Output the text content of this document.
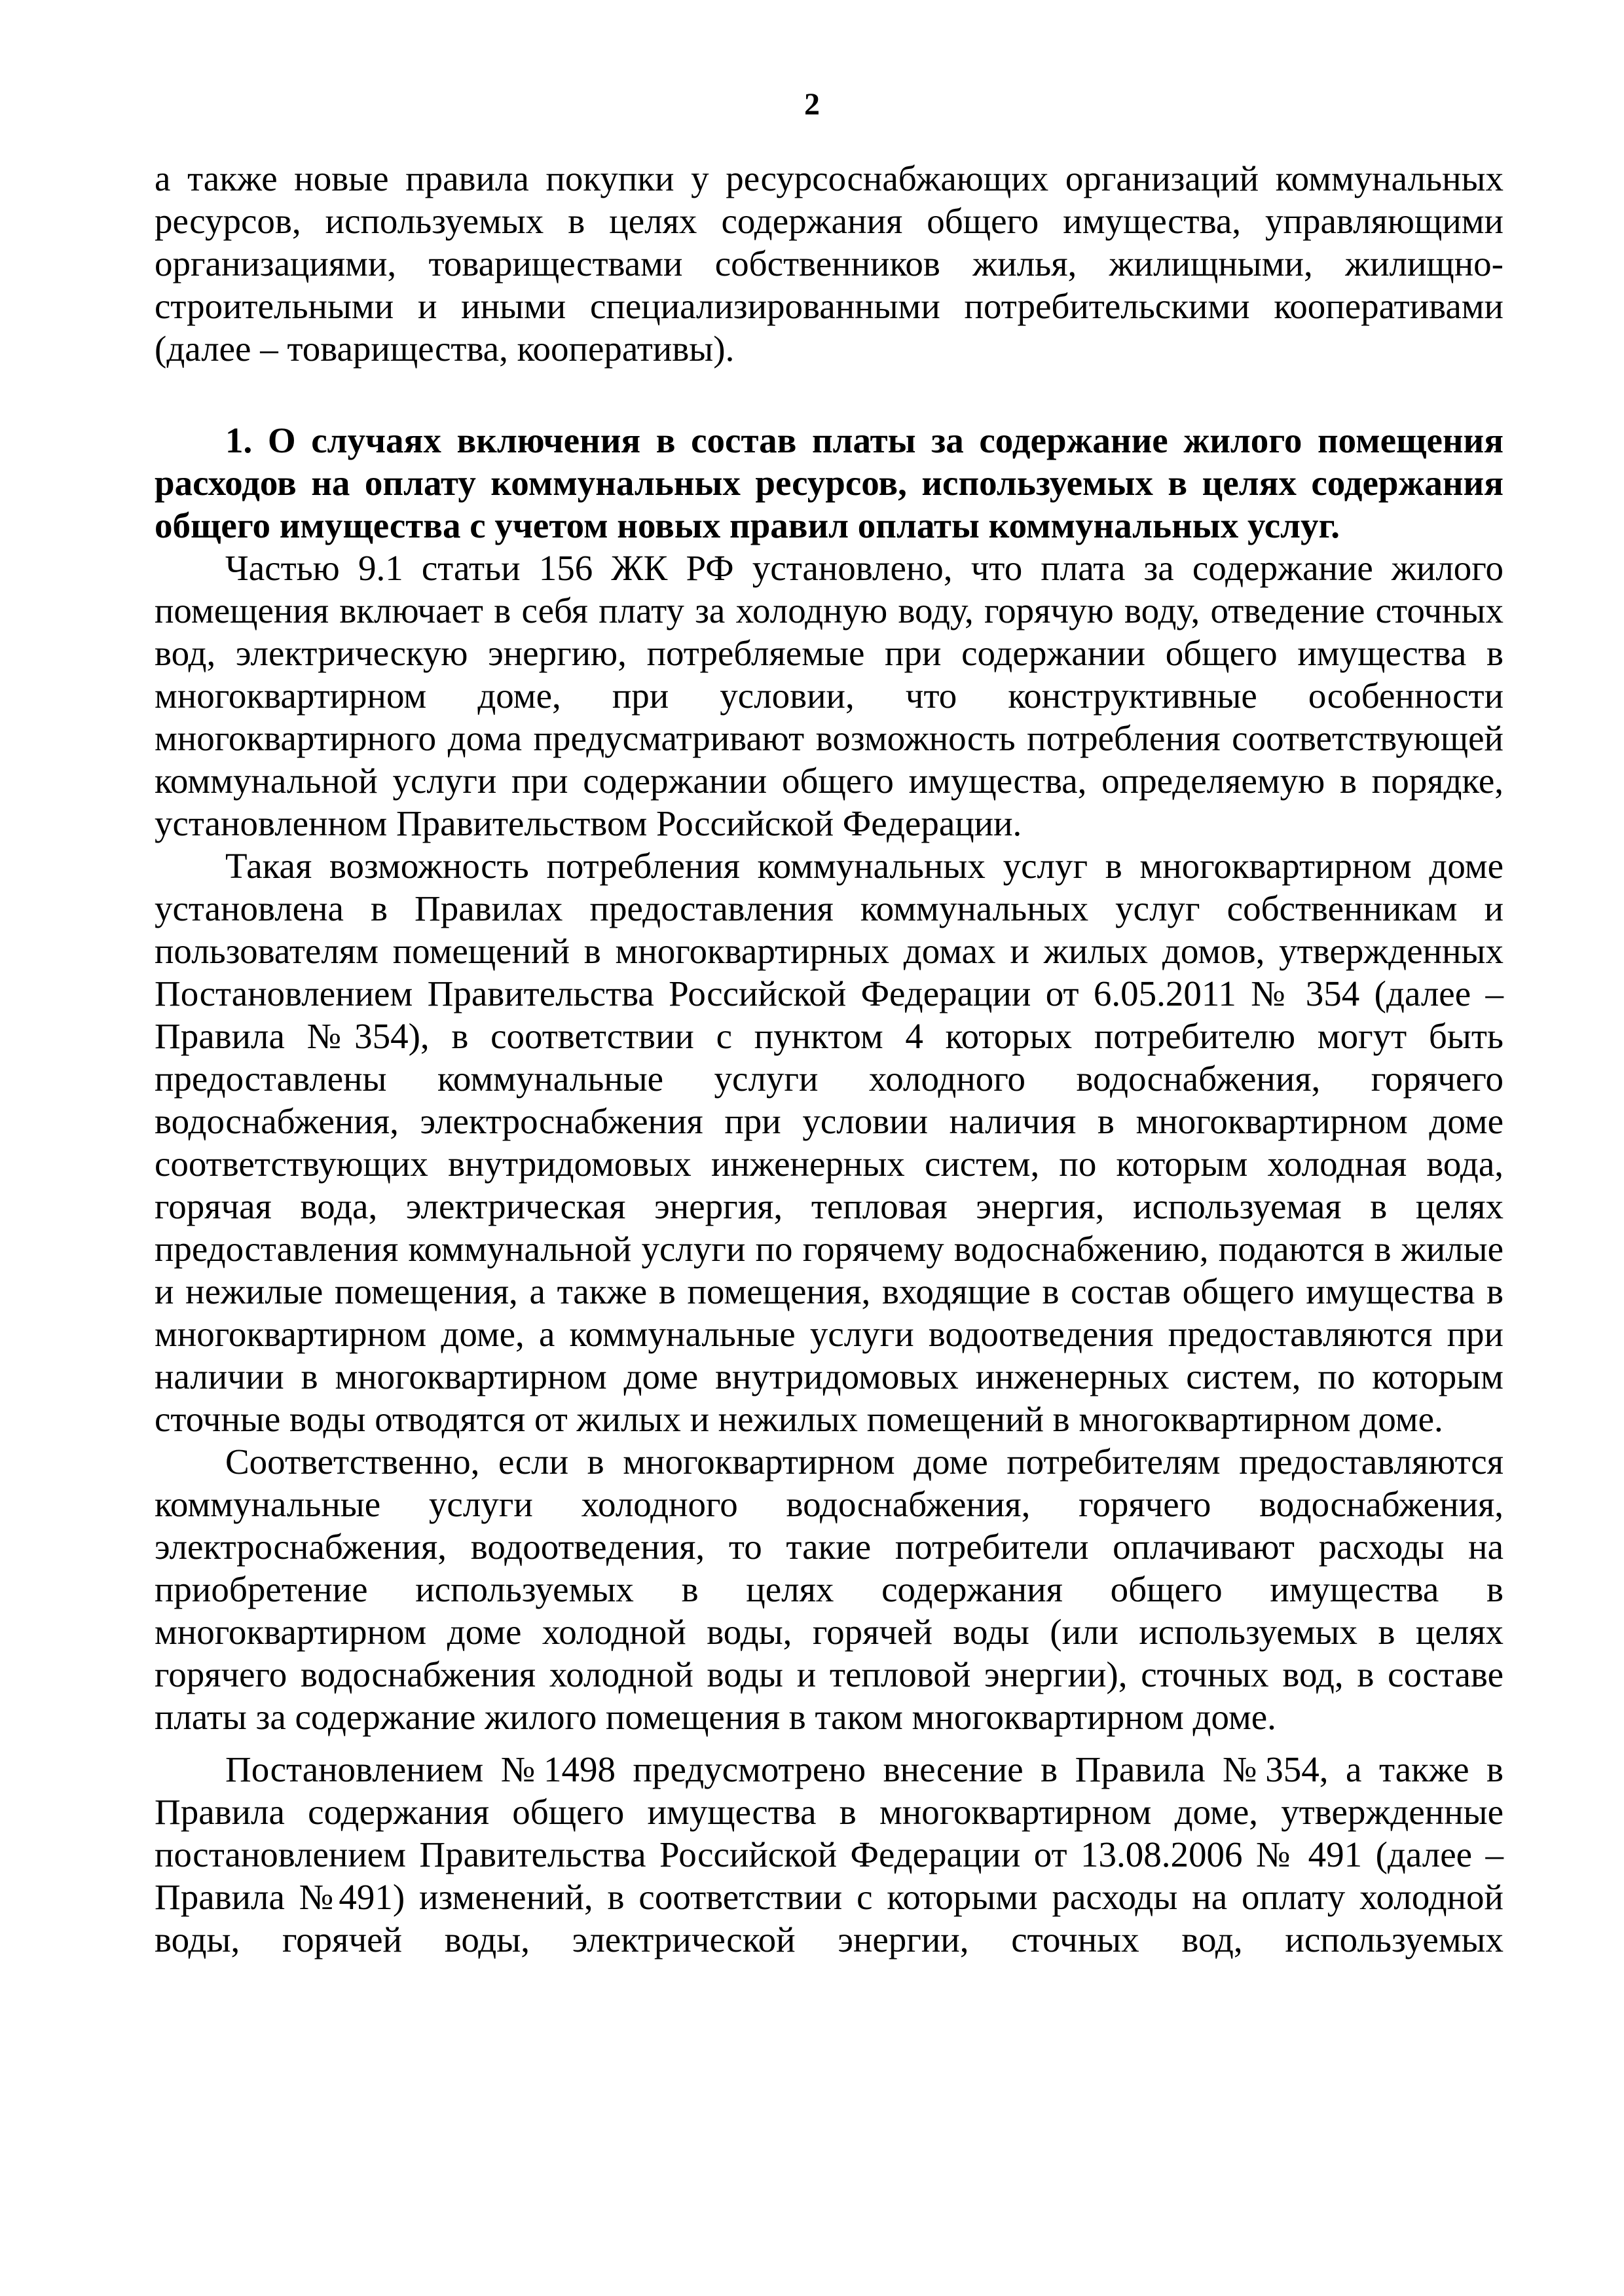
2

а также новые правила покупки у ресурсоснабжающих организаций коммунальных ресурсов, используемых в целях содержания общего имущества, управляющими организациями, товариществами собственников жилья, жилищными, жилищно-строительными и иными специализированными потребительскими кооперативами (далее – товарищества, кооперативы).

1. О случаях включения в состав платы за содержание жилого помещения расходов на оплату коммунальных ресурсов, используемых в целях содержания общего имущества с учетом новых правил оплаты коммунальных услуг.

Частью 9.1 статьи 156 ЖК РФ установлено, что плата за содержание жилого помещения включает в себя плату за холодную воду, горячую воду, отведение сточных вод, электрическую энергию, потребляемые при содержании общего имущества в многоквартирном доме, при условии, что конструктивные особенности многоквартирного дома предусматривают возможность потребления соответствующей коммунальной услуги при содержании общего имущества, определяемую в порядке, установленном Правительством Российской Федерации.

Такая возможность потребления коммунальных услуг в многоквартирном доме установлена в Правилах предоставления коммунальных услуг собственникам и пользователям помещений в многоквартирных домах и жилых домов, утвержденных Постановлением Правительства Российской Федерации от 6.05.2011 № 354 (далее – Правила №354), в соответствии с пунктом 4 которых потребителю могут быть предоставлены коммунальные услуги холодного водоснабжения, горячего водоснабжения, электроснабжения при условии наличия в многоквартирном доме соответствующих внутридомовых инженерных систем, по которым холодная вода, горячая вода, электрическая энергия, тепловая энергия, используемая в целях предоставления коммунальной услуги по горячему водоснабжению, подаются в жилые и нежилые помещения, а также в помещения, входящие в состав общего имущества в многоквартирном доме, а коммунальные услуги водоотведения предоставляются при наличии в многоквартирном доме внутридомовых инженерных систем, по которым сточные воды отводятся от жилых и нежилых помещений в многоквартирном доме.

Соответственно, если в многоквартирном доме потребителям предоставляются коммунальные услуги холодного водоснабжения, горячего водоснабжения, электроснабжения, водоотведения, то такие потребители оплачивают расходы на приобретение используемых в целях содержания общего имущества в многоквартирном доме холодной воды, горячей воды (или используемых в целях горячего водоснабжения холодной воды и тепловой энергии), сточных вод, в составе платы за содержание жилого помещения в таком многоквартирном доме.

Постановлением №1498 предусмотрено внесение в Правила №354, а также в Правила содержания общего имущества в многоквартирном доме, утвержденные постановлением Правительства Российской Федерации от 13.08.2006 № 491 (далее – Правила №491) изменений, в соответствии с которыми расходы на оплату холодной воды, горячей воды, электрической энергии, сточных вод, используемых
